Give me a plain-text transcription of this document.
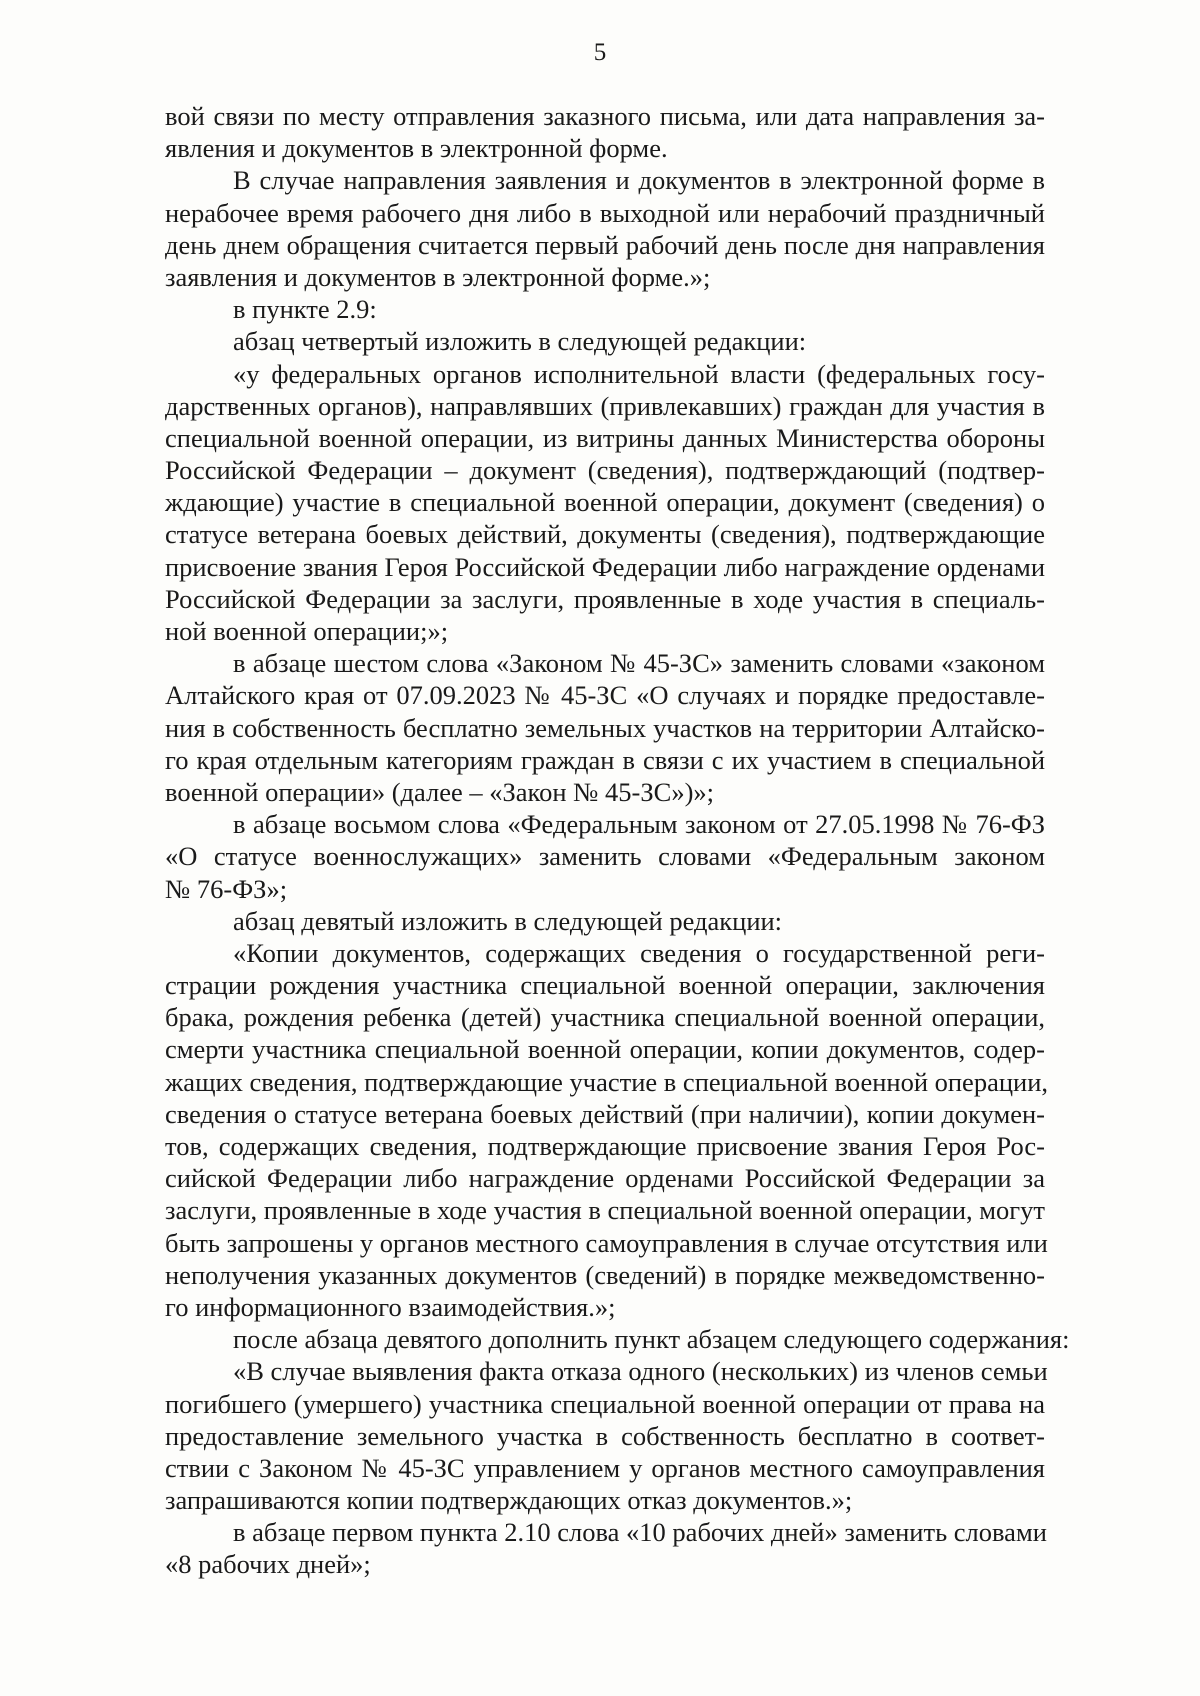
5
вой связи по месту отправления заказного письма, или дата направления за-
явления и документов в электронной форме.
В случае направления заявления и документов в электронной форме в
нерабочее время рабочего дня либо в выходной или нерабочий праздничный
день днем обращения считается первый рабочий день после дня направления
заявления и документов в электронной форме.»;
в пункте 2.9:
абзац четвертый изложить в следующей редакции:
«у федеральных органов исполнительной власти (федеральных госу-
дарственных органов), направлявших (привлекавших) граждан для участия в
специальной военной операции, из витрины данных Министерства обороны
Российской Федерации – документ (сведения), подтверждающий (подтвер-
ждающие) участие в специальной военной операции, документ (сведения) о
статусе ветерана боевых действий, документы (сведения), подтверждающие
присвоение звания Героя Российской Федерации либо награждение орденами
Российской Федерации за заслуги, проявленные в ходе участия в специаль-
ной военной операции;»;
в абзаце шестом слова «Законом № 45-ЗС» заменить словами «законом
Алтайского края от 07.09.2023 № 45-ЗС «О случаях и порядке предоставле-
ния в собственность бесплатно земельных участков на территории Алтайско-
го края отдельным категориям граждан в связи с их участием в специальной
военной операции» (далее – «Закон № 45-ЗС»)»;
в абзаце восьмом слова «Федеральным законом от 27.05.1998 № 76-ФЗ
«О статусе военнослужащих» заменить словами «Федеральным законом
№ 76-ФЗ»;
абзац девятый изложить в следующей редакции:
«Копии документов, содержащих сведения о государственной реги-
страции рождения участника специальной военной операции, заключения
брака, рождения ребенка (детей) участника специальной военной операции,
смерти участника специальной военной операции, копии документов, содер-
жащих сведения, подтверждающие участие в специальной военной операции,
сведения о статусе ветерана боевых действий (при наличии), копии докумен-
тов, содержащих сведения, подтверждающие присвоение звания Героя Рос-
сийской Федерации либо награждение орденами Российской Федерации за
заслуги, проявленные в ходе участия в специальной военной операции, могут
быть запрошены у органов местного самоуправления в случае отсутствия или
неполучения указанных документов (сведений) в порядке межведомственно-
го информационного взаимодействия.»;
после абзаца девятого дополнить пункт абзацем следующего содержания:
«В случае выявления факта отказа одного (нескольких) из членов семьи
погибшего (умершего) участника специальной военной операции от права на
предоставление земельного участка в собственность бесплатно в соответ-
ствии с Законом № 45-ЗС управлением у органов местного самоуправления
запрашиваются копии подтверждающих отказ документов.»;
в абзаце первом пункта 2.10 слова «10 рабочих дней» заменить словами
«8 рабочих дней»;
